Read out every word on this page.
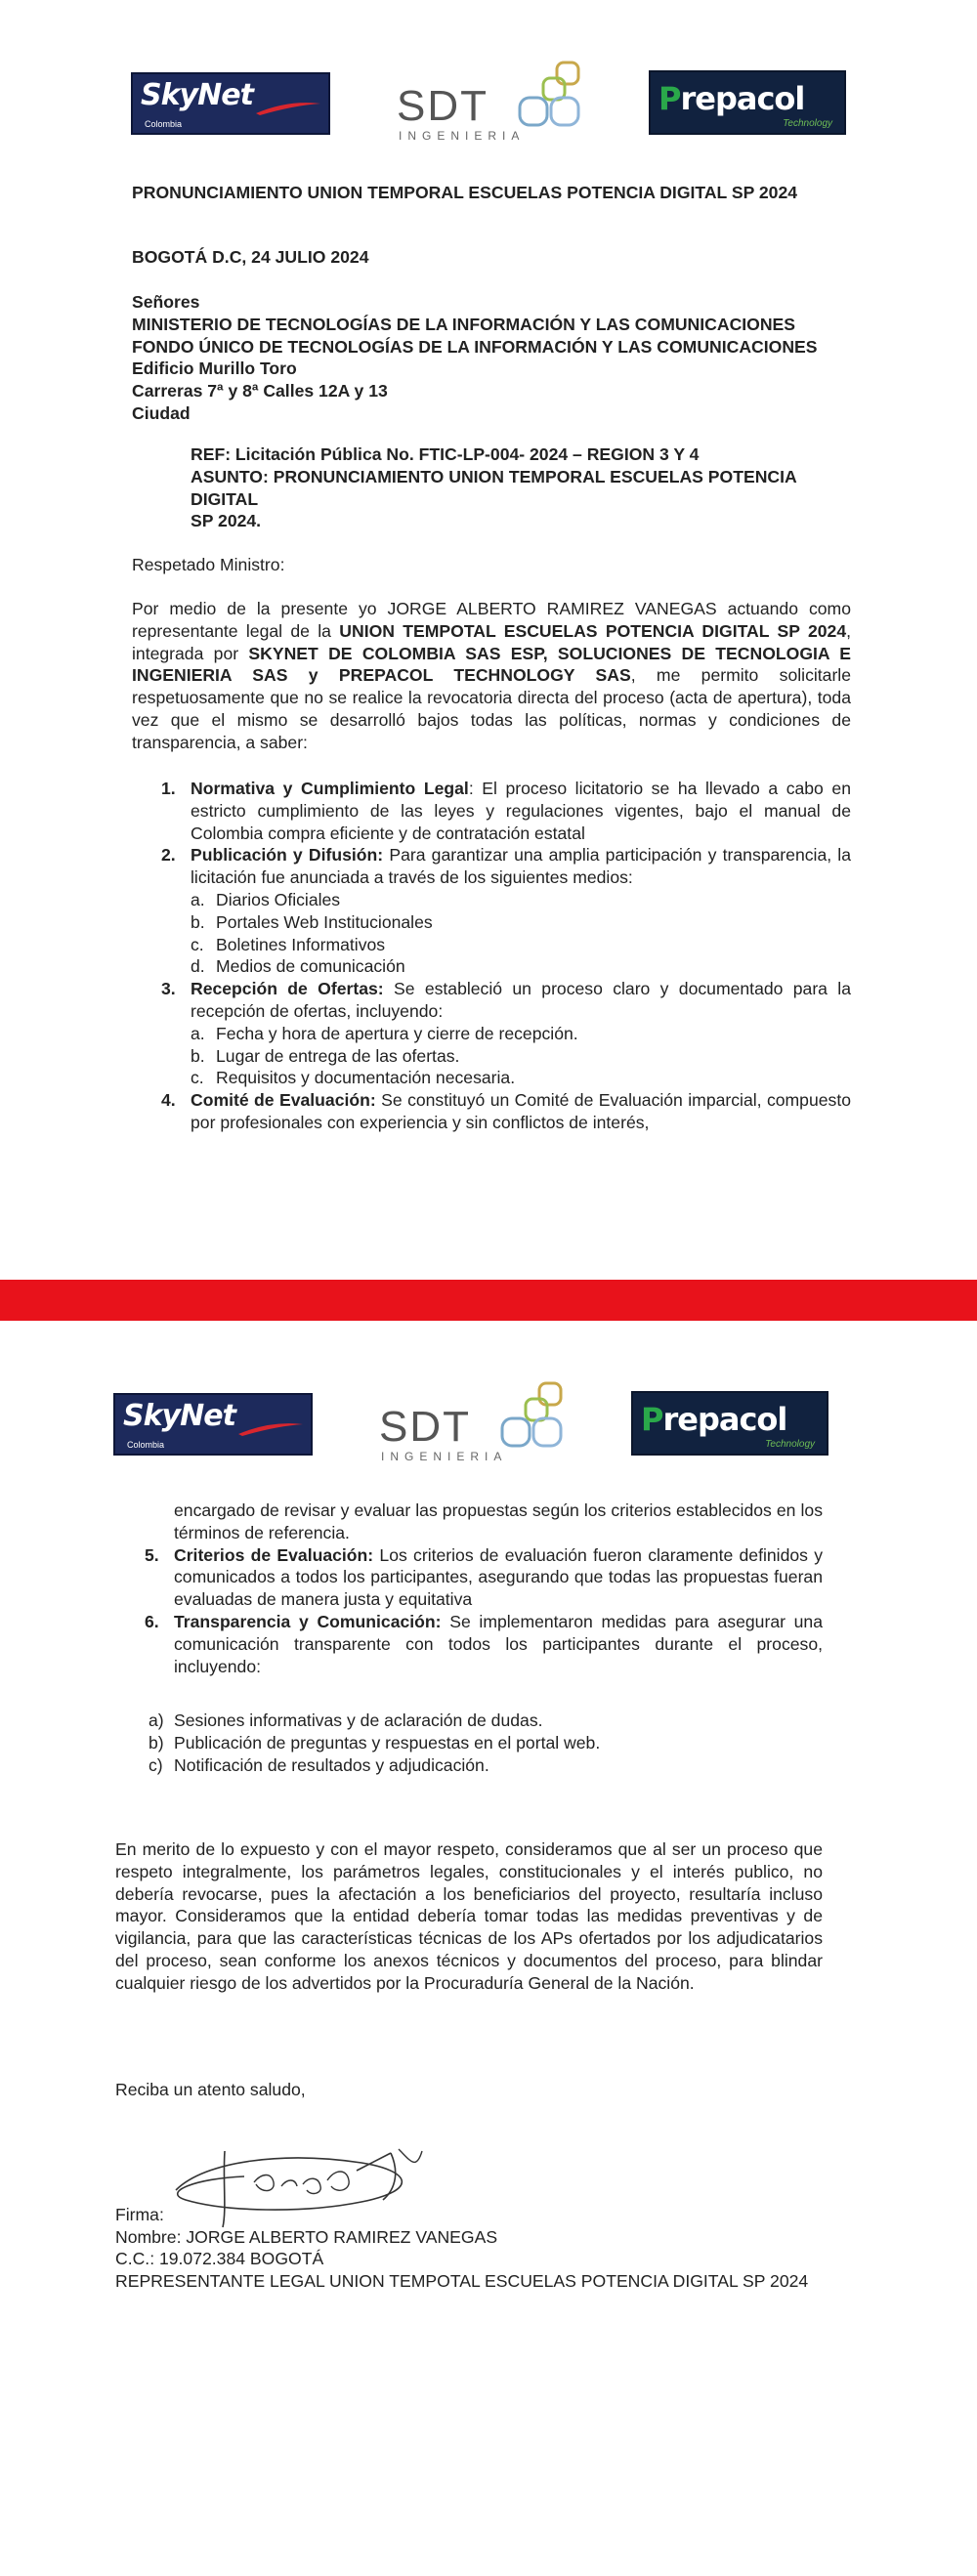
SkyNet
Colombia	SDT
INGENIERIA
Prepacol
Technology
PRONUNCIAMIENTO UNION TEMPORAL ESCUELAS POTENCIA DIGITAL SP 2024
BOGOTÁ D.C, 24 JULIO 2024
Señores
MINISTERIO DE TECNOLOGÍAS DE LA INFORMACIÓN Y LAS COMUNICACIONES
FONDO ÚNICO DE TECNOLOGÍAS DE LA INFORMACIÓN Y LAS COMUNICACIONES
Edificio Murillo Toro
Carreras 7ª y 8ª Calles 12A y 13
Ciudad
REF: Licitación Pública No. FTIC-LP-004- 2024 – REGION 3 Y 4
ASUNTO: PRONUNCIAMIENTO UNION TEMPORAL ESCUELAS POTENCIA DIGITAL
SP 2024.
Respetado Ministro:
Por medio de la presente yo JORGE ALBERTO RAMIREZ VANEGAS actuando como representante legal de la UNION TEMPOTAL ESCUELAS POTENCIA DIGITAL SP 2024, integrada por SKYNET DE COLOMBIA SAS ESP, SOLUCIONES DE TECNOLOGIA E INGENIERIA SAS y PREPACOL TECHNOLOGY SAS, me permito solicitarle respetuosamente que no se realice la revocatoria directa del proceso (acta de apertura), toda vez que el mismo se desarrolló bajos todas las políticas, normas y condiciones de transparencia, a saber:
1. Normativa y Cumplimiento Legal: El proceso licitatorio se ha llevado a cabo en estricto cumplimiento de las leyes y regulaciones vigentes, bajo el manual de Colombia compra eficiente y de contratación estatal
2. Publicación y Difusión: Para garantizar una amplia participación y transparencia, la licitación fue anunciada a través de los siguientes medios:
a. Diarios Oficiales
b. Portales Web Institucionales
c. Boletines Informativos
d. Medios de comunicación
3. Recepción de Ofertas: Se estableció un proceso claro y documentado para la recepción de ofertas, incluyendo:
a. Fecha y hora de apertura y cierre de recepción.
b. Lugar de entrega de las ofertas.
c. Requisitos y documentación necesaria.
4. Comité de Evaluación: Se constituyó un Comité de Evaluación imparcial, compuesto por profesionales con experiencia y sin conflictos de interés,
SkyNet
Colombia	SDT
INGENIERIA
Prepacol
Technology
encargado de revisar y evaluar las propuestas según los criterios establecidos en los términos de referencia.
5. Criterios de Evaluación: Los criterios de evaluación fueron claramente definidos y comunicados a todos los participantes, asegurando que todas las propuestas fueran evaluadas de manera justa y equitativa
6. Transparencia y Comunicación: Se implementaron medidas para asegurar una comunicación transparente con todos los participantes durante el proceso, incluyendo:
a) Sesiones informativas y de aclaración de dudas.
b) Publicación de preguntas y respuestas en el portal web.
c) Notificación de resultados y adjudicación.
En merito de lo expuesto y con el mayor respeto, consideramos que al ser un proceso que respeto integralmente, los parámetros legales, constitucionales y el interés publico, no debería revocarse, pues la afectación a los beneficiarios del proyecto, resultaría incluso mayor. Consideramos que la entidad debería tomar todas las medidas preventivas y de vigilancia, para que las características técnicas de los APs ofertados por los adjudicatarios del proceso, sean conforme los anexos técnicos y documentos del proceso, para blindar cualquier riesgo de los advertidos por la Procuraduría General de la Nación.
Reciba un atento saludo,
Firma:
Nombre: JORGE ALBERTO RAMIREZ VANEGAS
C.C.: 19.072.384 BOGOTÁ
REPRESENTANTE LEGAL UNION TEMPOTAL ESCUELAS POTENCIA DIGITAL SP 2024
